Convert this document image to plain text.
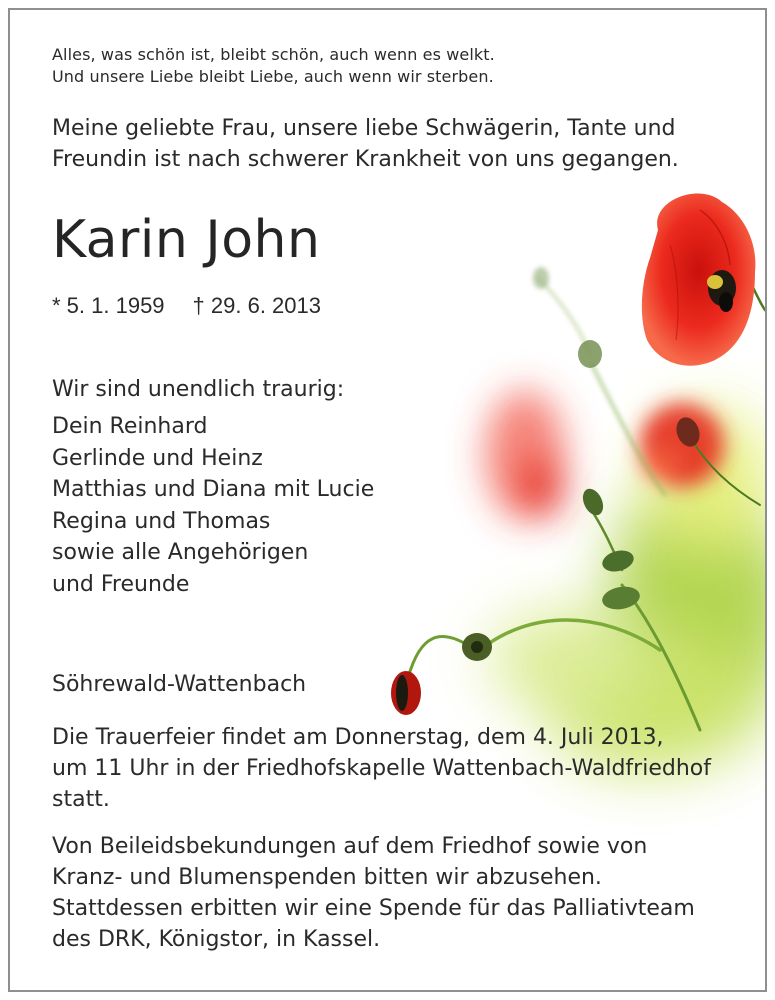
Alles, was schön ist, bleibt schön, auch wenn es welkt.
Und unsere Liebe bleibt Liebe, auch wenn wir sterben.

Meine geliebte Frau, unsere liebe Schwägerin, Tante und
Freundin ist nach schwerer Krankheit von uns gegangen.

Karin John

* 5. 1. 1959 † 29. 6. 2013

Wir sind unendlich traurig:

Dein Reinhard
Gerlinde und Heinz
Matthias und Diana mit Lucie
Regina und Thomas
sowie alle Angehörigen
und Freunde

Söhrewald-Wattenbach

Die Trauerfeier findet am Donnerstag, dem 4. Juli 2013,
um 11 Uhr in der Friedhofskapelle Wattenbach-Waldfriedhof
statt.

Von Beileidsbekundungen auf dem Friedhof sowie von
Kranz- und Blumenspenden bitten wir abzusehen.
Stattdessen erbitten wir eine Spende für das Palliativteam
des DRK, Königstor, in Kassel.
